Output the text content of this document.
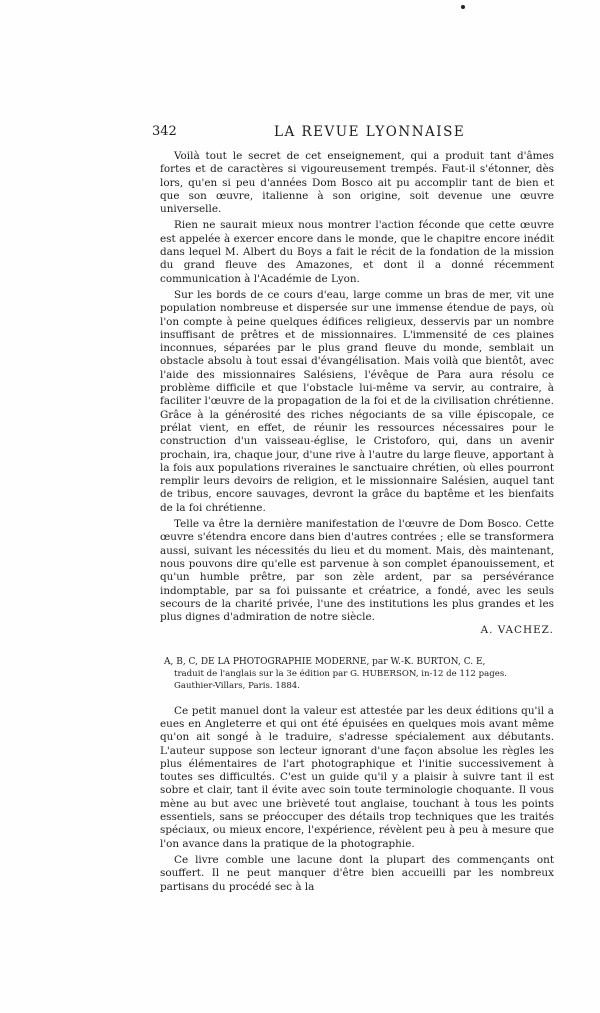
342	LA REVUE LYONNAISE

Voilà tout le secret de cet enseignement, qui a produit tant d'âmes fortes et de caractères si vigoureusement trempés. Faut-il s'étonner, dès lors, qu'en si peu d'années Dom Bosco ait pu accomplir tant de bien et que son œuvre, italienne à son origine, soit devenue une œuvre universelle.

Rien ne saurait mieux nous montrer l'action féconde que cette œuvre est appelée à exercer encore dans le monde, que le chapitre encore inédit dans lequel M. Albert du Boys a fait le récit de la fondation de la mission du grand fleuve des Amazones, et dont il a donné récemment communication à l'Académie de Lyon.

Sur les bords de ce cours d'eau, large comme un bras de mer, vit une population nombreuse et dispersée sur une immense étendue de pays, où l'on compte à peine quelques édifices religieux, desservis par un nombre insuffisant de prêtres et de missionnaires. L'immensité de ces plaines inconnues, séparées par le plus grand fleuve du monde, semblait un obstacle absolu à tout essai d'évangélisation. Mais voilà que bientôt, avec l'aide des missionnaires Salésiens, l'évêque de Para aura résolu ce problème difficile et que l'obstacle lui-même va servir, au contraire, à faciliter l'œuvre de la propagation de la foi et de la civilisation chrétienne. Grâce à la générosité des riches négociants de sa ville épiscopale, ce prélat vient, en effet, de réunir les ressources nécessaires pour le construction d'un vaisseau-église, le Cristoforo, qui, dans un avenir prochain, ira, chaque jour, d'une rive à l'autre du large fleuve, apportant à la fois aux populations riveraines le sanctuaire chrétien, où elles pourront remplir leurs devoirs de religion, et le missionnaire Salésien, auquel tant de tribus, encore sauvages, devront la grâce du baptême et les bienfaits de la foi chrétienne.

Telle va être la dernière manifestation de l'œuvre de Dom Bosco. Cette œuvre s'étendra encore dans bien d'autres contrées ; elle se transformera aussi, suivant les nécessités du lieu et du moment. Mais, dès maintenant, nous pouvons dire qu'elle est parvenue à son complet épanouissement, et qu'un humble prêtre, par son zèle ardent, par sa persévérance indomptable, par sa foi puissante et créatrice, a fondé, avec les seuls secours de la charité privée, l'une des institutions les plus grandes et les plus dignes d'admiration de notre siècle.

A. VACHEZ.
A, B, C, DE LA PHOTOGRAPHIE MODERNE, par W.-K. BURTON, C. E,
traduit de l'anglais sur la 3e édition par G. HUBERSON, in-12 de 112 pages.
Gauthier-Villars, Paris. 1884.

Ce petit manuel dont la valeur est attestée par les deux éditions qu'il a eues en Angleterre et qui ont été épuisées en quelques mois avant même qu'on ait songé à le traduire, s'adresse spécialement aux débutants. L'auteur suppose son lecteur ignorant d'une façon absolue les règles les plus élémentaires de l'art photographique et l'initie successivement à toutes ses difficultés. C'est un guide qu'il y a plaisir à suivre tant il est sobre et clair, tant il évite avec soin toute terminologie choquante. Il vous mène au but avec une brièveté tout anglaise, touchant à tous les points essentiels, sans se préoccuper des détails trop techniques que les traités spéciaux, ou mieux encore, l'expérience, révèlent peu à peu à mesure que l'on avance dans la pratique de la photographie.

Ce livre comble une lacune dont la plupart des commençants ont souffert. Il ne peut manquer d'être bien accueilli par les nombreux partisans du procédé sec à la
